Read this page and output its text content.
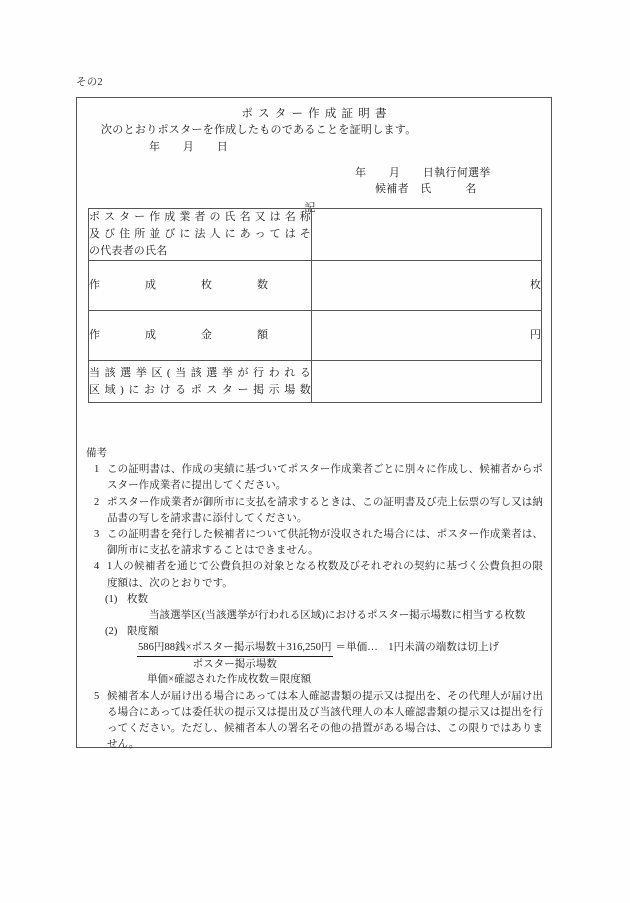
その2
ポスター作成証明書
次のとおりポスターを作成したものであることを証明します。
年　　月　　日
年　　月　　日執行何選挙
候補者　氏　　　名
記
ポスター作成業者の氏名又は名称
及び住所並びに法人にあってはそ
の代表者の氏名	
作　　　　成　　　　枚　　　　数	枚
作　　　　成　　　　金　　　　額	円

当該選挙区(当該選挙が行われる
区域)におけるポスター掲示場数	

備考

1 この証明書は、作成の実績に基づいてポスター作成業者ごとに別々に作成し、候補者からポスター作成業者に提出してください。

2 ポスター作成業者が御所市に支払を請求するときは、この証明書及び売上伝票の写し又は納品書の写しを請求書に添付してください。

3 この証明書を発行した候補者について供託物が没収された場合には、ポスター作成業者は、御所市に支払を請求することはできません。

4 1人の候補者を通じて公費負担の対象となる枚数及びそれぞれの契約に基づく公費負担の限度額は、次のとおりです。

(1) 枚数

当該選挙区(当該選挙が行われる区域)におけるポスター掲示場数に相当する枚数

(2) 限度額

$\frac{\text{586円88銭×ポスター掲示場数＋316,250円}}{\text{ポスター掲示場数}}$ ＝単価…　1円未満の端数は切上げ

単価×確認された作成枚数＝限度額

5 候補者本人が届け出る場合にあっては本人確認書類の提示又は提出を、その代理人が届け出る場合にあっては委任状の提示又は提出及び当該代理人の本人確認書類の提示又は提出を行ってください。ただし、候補者本人の署名その他の措置がある場合は、この限りではありません。
